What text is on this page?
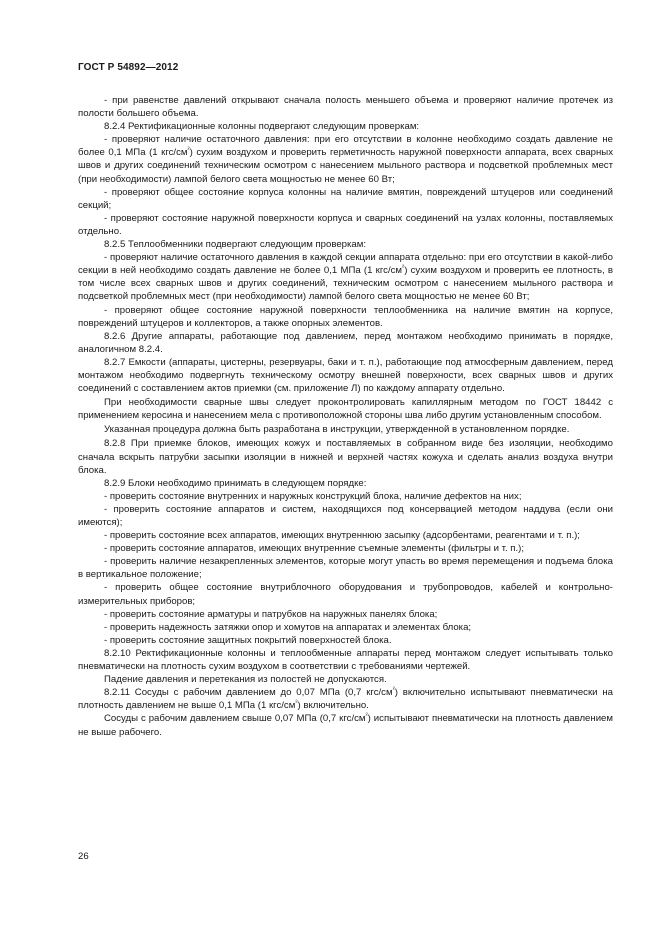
ГОСТ Р 54892—2012

- при равенстве давлений открывают сначала полость меньшего объема и проверяют наличие протечек из полости большего объема.

8.2.4 Ректификационные колонны подвергают следующим проверкам:

- проверяют наличие остаточного давления: при его отсутствии в колонне необходимо создать давление не более 0,1 МПа (1 кгс/$см^{^2}$) сухим воздухом и проверить герметичность наружной поверхности аппарата, всех сварных швов и других соединений техническим осмотром с нанесением мыльного раствора и подсветкой проблемных мест (при необходимости) лампой белого света мощностью не менее 60 Вт;

- проверяют общее состояние корпуса колонны на наличие вмятин, повреждений штуцеров или соединений секций;

- проверяют состояние наружной поверхности корпуса и сварных соединений на узлах колонны, поставляемых отдельно.

8.2.5 Теплообменники подвергают следующим проверкам:

- проверяют наличие остаточного давления в каждой секции аппарата отдельно: при его отсутствии в какой-либо секции в ней необходимо создать давление не более 0,1 МПа (1 кгс/$см^{^2}$) сухим воздухом и проверить ее плотность, в том числе всех сварных швов и других соединений, техническим осмотром с нанесением мыльного раствора и подсветкой проблемных мест (при необходимости) лампой белого света мощностью не менее 60 Вт;

- проверяют общее состояние наружной поверхности теплообменника на наличие вмятин на корпусе, повреждений штуцеров и коллекторов, а также опорных элементов.

8.2.6 Другие аппараты, работающие под давлением, перед монтажом необходимо принимать в порядке, аналогичном 8.2.4.

8.2.7 Емкости (аппараты, цистерны, резервуары, баки и т. п.), работающие под атмосферным давлением, перед монтажом необходимо подвергнуть техническому осмотру внешней поверхности, всех сварных швов и других соединений с составлением актов приемки (см. приложение Л) по каждому аппарату отдельно.

При необходимости сварные швы следует проконтролировать капиллярным методом по ГОСТ 18442 с применением керосина и нанесением мела с противоположной стороны шва либо другим установленным способом.

Указанная процедура должна быть разработана в инструкции, утвержденной в установленном порядке.

8.2.8 При приемке блоков, имеющих кожух и поставляемых в собранном виде без изоляции, необходимо сначала вскрыть патрубки засыпки изоляции в нижней и верхней частях кожуха и сделать анализ воздуха внутри блока.

8.2.9 Блоки необходимо принимать в следующем порядке:

- проверить состояние внутренних и наружных конструкций блока, наличие дефектов на них;

- проверить состояние аппаратов и систем, находящихся под консервацией методом наддува (если они имеются);

- проверить состояние всех аппаратов, имеющих внутреннюю засыпку (адсорбентами, реагентами и т. п.);

- проверить состояние аппаратов, имеющих внутренние съемные элементы (фильтры и т. п.);

- проверить наличие незакрепленных элементов, которые могут упасть во время перемещения и подъема блока в вертикальное положение;

- проверить общее состояние внутриблочного оборудования и трубопроводов, кабелей и контрольно-измерительных приборов;

- проверить состояние арматуры и патрубков на наружных панелях блока;

- проверить надежность затяжки опор и хомутов на аппаратах и элементах блока;

- проверить состояние защитных покрытий поверхностей блока.

8.2.10 Ректификационные колонны и теплообменные аппараты перед монтажом следует испытывать только пневматически на плотность сухим воздухом в соответствии с требованиями чертежей.

Падение давления и перетекания из полостей не допускаются.

8.2.11 Сосуды с рабочим давлением до 0,07 МПа (0,7 кгс/$см^{^2}$) включительно испытывают пневматически на плотность давлением не выше 0,1 МПа (1 кгс/$см^{^2}$) включительно.

Сосуды с рабочим давлением свыше 0,07 МПа (0,7 кгс/$см^{^2}$) испытывают пневматически на плотность давлением не выше рабочего.

26
